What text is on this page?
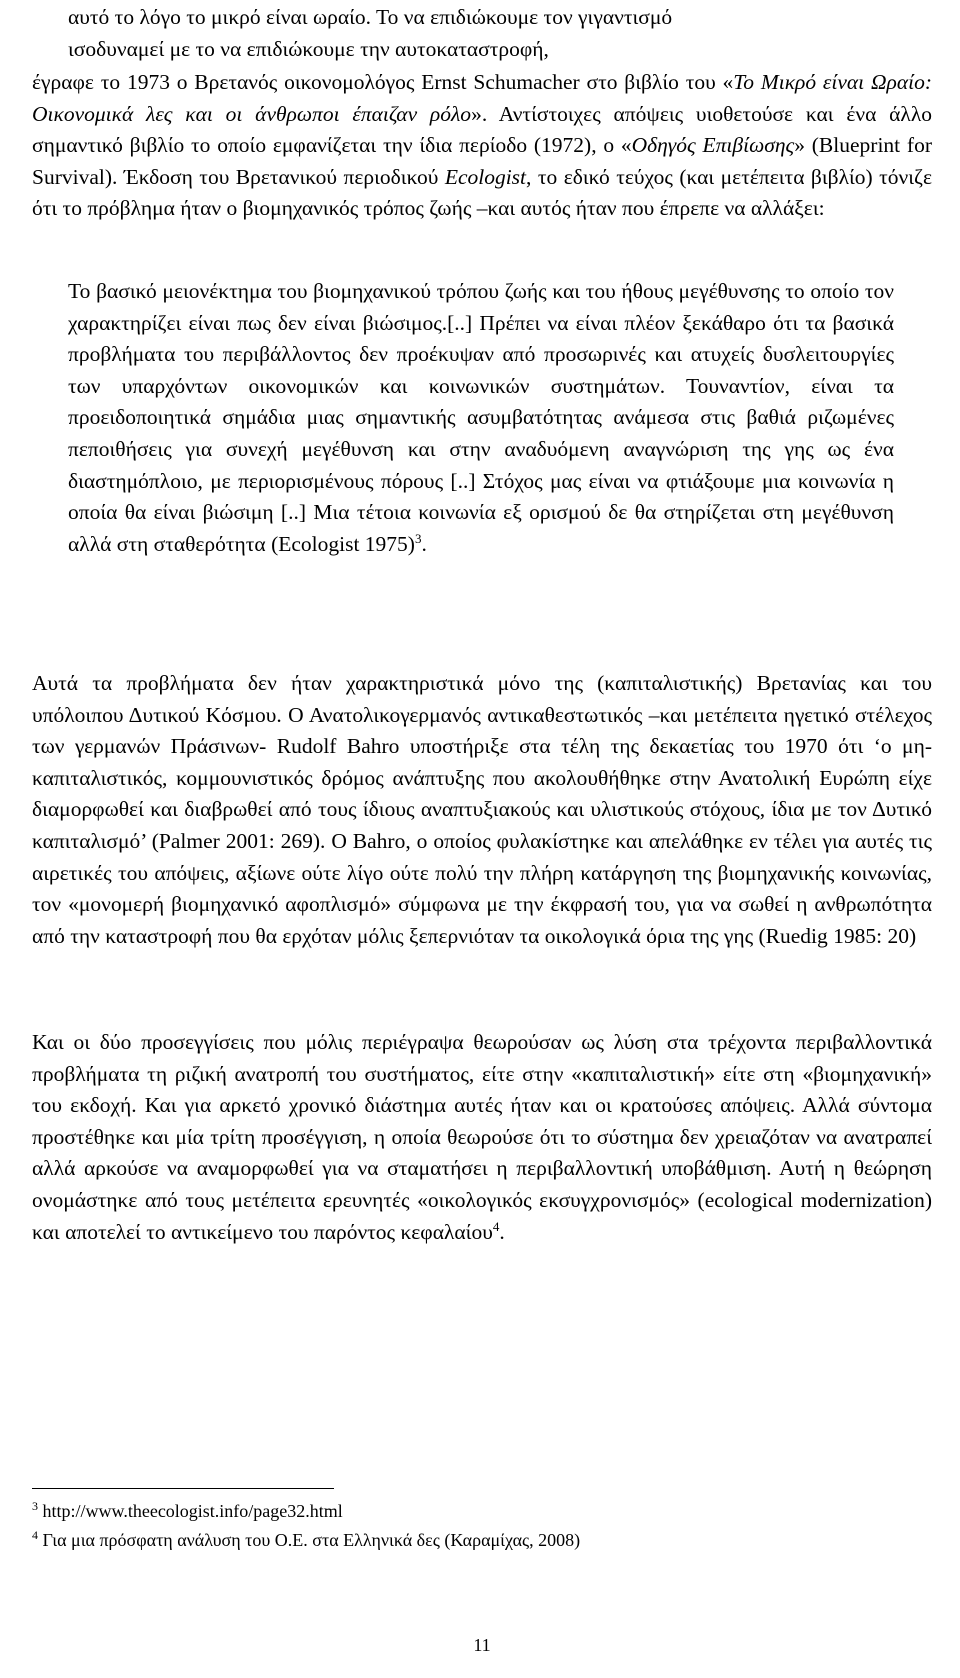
αυτό το λόγο το μικρό είναι ωραίο. Το να επιδιώκουμε τον γιγαντισμό
ισοδυναμεί με το να επιδιώκουμε την αυτοκαταστροφή,

έγραφε το 1973 ο Βρετανός οικονομολόγος Ernst Schumacher στο βιβλίο του «Το Μικρό είναι Ωραίο: Οικονομικά λες και οι άνθρωποι έπαιζαν ρόλο». Αντίστοιχες απόψεις υιοθετούσε και ένα άλλο σημαντικό βιβλίο το οποίο εμφανίζεται την ίδια περίοδο (1972), ο «Οδηγός Επιβίωσης» (Blueprint for Survival). Έκδοση του Βρετανικού περιοδικού Ecologist, το εδικό τεύχος (και μετέπειτα βιβλίο) τόνιζε ότι το πρόβλημα ήταν ο βιομηχανικός τρόπος ζωής –και αυτός ήταν που έπρεπε να αλλάξει:

Το βασικό μειονέκτημα του βιομηχανικού τρόπου ζωής και του ήθους μεγέθυνσης το οποίο τον χαρακτηρίζει είναι πως δεν είναι βιώσιμος.[..] Πρέπει να είναι πλέον ξεκάθαρο ότι τα βασικά προβλήματα του περιβάλλοντος δεν προέκυψαν από προσωρινές και ατυχείς δυσλειτουργίες των υπαρχόντων οικονομικών και κοινωνικών συστημάτων. Τουναντίον, είναι τα προειδοποιητικά σημάδια μιας σημαντικής ασυμβατότητας ανάμεσα στις βαθιά ριζωμένες πεποιθήσεις για συνεχή μεγέθυνση και στην αναδυόμενη αναγνώριση της γης ως ένα διαστημόπλοιο, με περιορισμένους πόρους [..] Στόχος μας είναι να φτιάξουμε μια κοινωνία η οποία θα είναι βιώσιμη [..] Μια τέτοια κοινωνία εξ ορισμού δε θα στηρίζεται στη μεγέθυνση αλλά στη σταθερότητα (Ecologist 1975)$^3$.

Αυτά τα προβλήματα δεν ήταν χαρακτηριστικά μόνο της (καπιταλιστικής) Βρετανίας και του υπόλοιπου Δυτικού Κόσμου. Ο Ανατολικογερμανός αντικαθεστωτικός –και μετέπειτα ηγετικό στέλεχος των γερμανών Πράσινων- Rudolf Bahro υποστήριξε στα τέλη της δεκαετίας του 1970 ότι ‘ο μη-καπιταλιστικός, κομμουνιστικός δρόμος ανάπτυξης που ακολουθήθηκε στην Ανατολική Ευρώπη είχε διαμορφωθεί και διαβρωθεί από τους ίδιους αναπτυξιακούς και υλιστικούς στόχους, ίδια με τον Δυτικό καπιταλισμό’ (Palmer 2001: 269). Ο Bahro, ο οποίος φυλακίστηκε και απελάθηκε εν τέλει για αυτές τις αιρετικές του απόψεις, αξίωνε ούτε λίγο ούτε πολύ την πλήρη κατάργηση της βιομηχανικής κοινωνίας, τον «μονομερή βιομηχανικό αφοπλισμό» σύμφωνα με την έκφρασή του, για να σωθεί η ανθρωπότητα από την καταστροφή που θα ερχόταν μόλις ξεπερνιόταν τα οικολογικά όρια της γης (Ruedig 1985: 20)

Και οι δύο προσεγγίσεις που μόλις περιέγραψα θεωρούσαν ως λύση στα τρέχοντα περιβαλλοντικά προβλήματα τη ριζική ανατροπή του συστήματος, είτε στην «καπιταλιστική» είτε στη «βιομηχανική» του εκδοχή. Και για αρκετό χρονικό διάστημα αυτές ήταν και οι κρατούσες απόψεις. Αλλά σύντομα προστέθηκε και μία τρίτη προσέγγιση, η οποία θεωρούσε ότι το σύστημα δεν χρειαζόταν να ανατραπεί αλλά αρκούσε να αναμορφωθεί για να σταματήσει η περιβαλλοντική υποβάθμιση. Αυτή η θεώρηση ονομάστηκε από τους μετέπειτα ερευνητές «οικολογικός εκσυγχρονισμός» (ecological modernization) και αποτελεί το αντικείμενο του παρόντος κεφαλαίου$^4$.

$^3$ http://www.theecologist.info/page32.html

$^4$ Για μια πρόσφατη ανάλυση του Ο.Ε. στα Ελληνικά δες (Καραμίχας, 2008)

11
